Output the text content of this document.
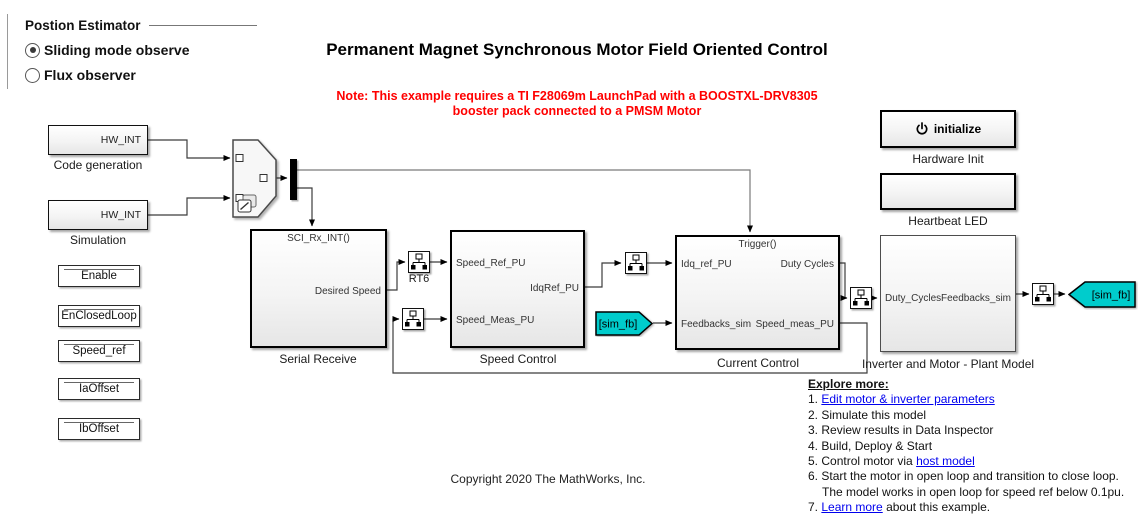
Postion Estimator
Sliding mode observe
Flux observer
Permanent Magnet Synchronous Motor Field Oriented Control
Note: This example requires a TI F28069m LaunchPad with a BOOSTXL-DRV8305
booster pack connected to a PMSM Motor
HW_INT
Code generation
HW_INT
Simulation
Enable
EnClosedLoop
Speed_ref
IaOffset
IbOffset
SCI_Rx_INT()
Desired Speed
Serial Receive
Speed_Ref_PU
Speed_Meas_PU
IdqRef_PU
Speed Control
Trigger()
Idq_ref_PU
Feedbacks_sim
Duty Cycles
Speed_meas_PU
Current Control
Duty_Cycles Feedbacks_sim
Inverter and Motor - Plant Model
initialize
Hardware Init
Heartbeat LED
RT6
[sim_fb]
[sim_fb]
Explore more:
1. Edit motor & inverter parameters
2. Simulate this model
3. Review results in Data Inspector
4. Build, Deploy & Start
5. Control motor via host model
6. Start the motor in open loop and transition to close loop.
The model works in open loop for speed ref below 0.1pu.
7. Learn more about this example.
Copyright 2020 The MathWorks, Inc.
